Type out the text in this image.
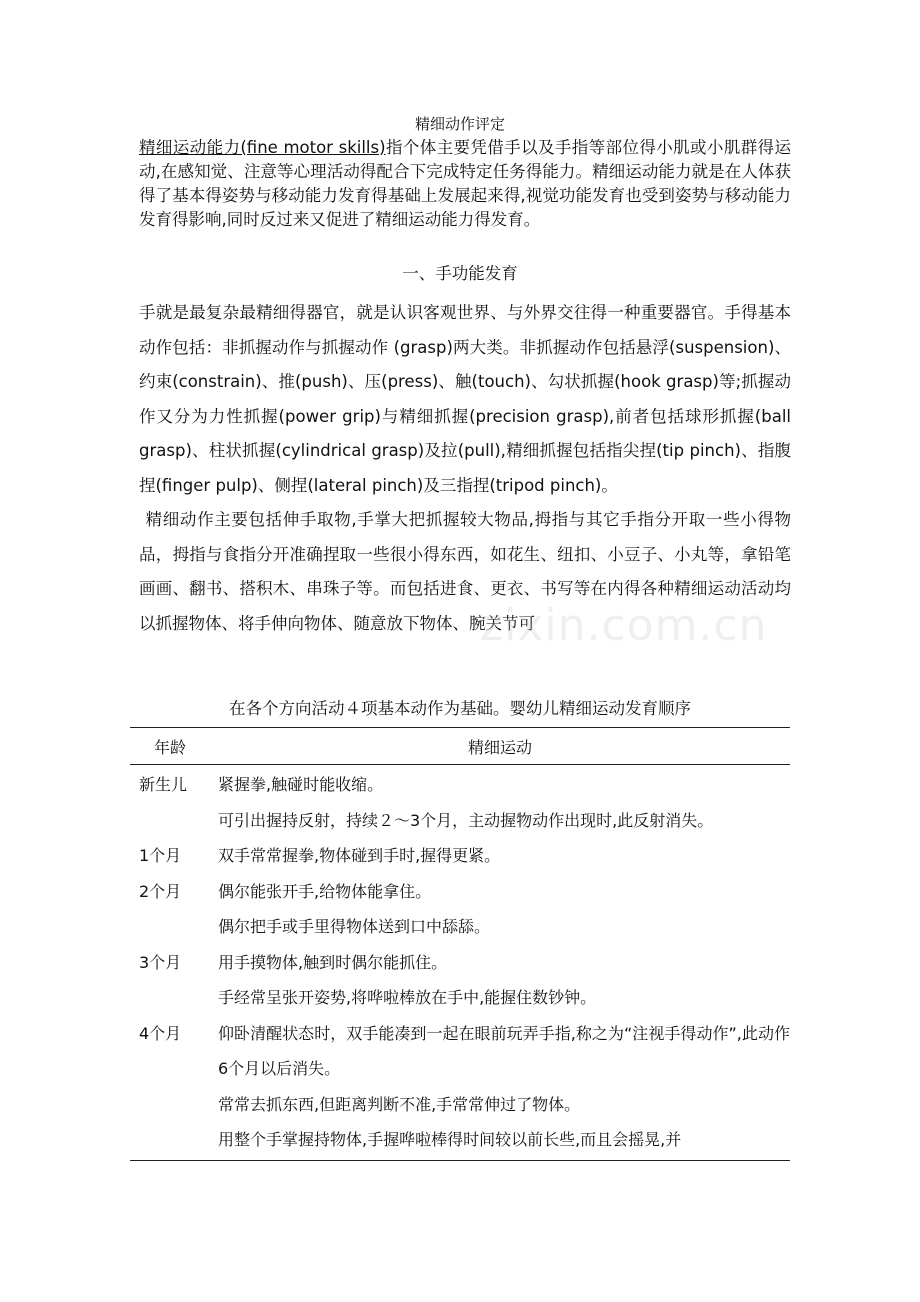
精细动作评定
精细运动能力(fine motor skills)指个体主要凭借手以及手指等部位得小肌或小肌群得运动,在感知觉、注意等心理活动得配合下完成特定任务得能力。精细运动能力就是在人体获得了基本得姿势与移动能力发育得基础上发展起来得,视觉功能发育也受到姿势与移动能力发育得影响,同时反过来又促进了精细运动能力得发育。
一、手功能发育

手就是最复杂最精细得器官，就是认识客观世界、与外界交往得一种重要器官。手得基本动作包括：非抓握动作与抓握动作 (grasp)两大类。非抓握动作包括悬浮(suspension)、约束(constrain)、推(push)、压(press)、触(touch)、勾状抓握(hook grasp)等;抓握动作又分为力性抓握(power grip)与精细抓握(precision grasp),前者包括球形抓握(ball grasp)、柱状抓握(cylindrical grasp)及拉(pull),精细抓握包括指尖捏(tip pinch)、指腹捏(finger pulp)、侧捏(lateral pinch)及三指捏(tripod pinch)。

精细动作主要包括伸手取物,手掌大把抓握较大物品,拇指与其它手指分开取一些小得物品，拇指与食指分开准确捏取一些很小得东西，如花生、纽扣、小豆子、小丸等，拿铅笔画画、翻书、搭积木、串珠子等。而包括进食、更衣、书写等在内得各种精细运动活动均以抓握物体、将手伸向物体、随意放下物体、腕关节可

zixin.com.cn
在各个方向活动４项基本动作为基础。婴幼儿精细运动发育顺序
年龄	精细运动
新生儿	紧握拳,触碰时能收缩。
可引出握持反射，持续２～3个月，主动握物动作出现时,此反射消失。
1个月	双手常常握拳,物体碰到手时,握得更紧。
2个月	偶尔能张开手,给物体能拿住。
偶尔把手或手里得物体送到口中舔舔。
3个月	用手摸物体,触到时偶尔能抓住。
手经常呈张开姿势,将哗啦棒放在手中,能握住数钞钟。
4个月	仰卧清醒状态时，双手能凑到一起在眼前玩弄手指,称之为“注视手得动作”,此动作6个月以后消失。
常常去抓东西,但距离判断不准,手常常伸过了物体。
用整个手掌握持物体,手握哗啦棒得时间较以前长些,而且会摇晃,并
